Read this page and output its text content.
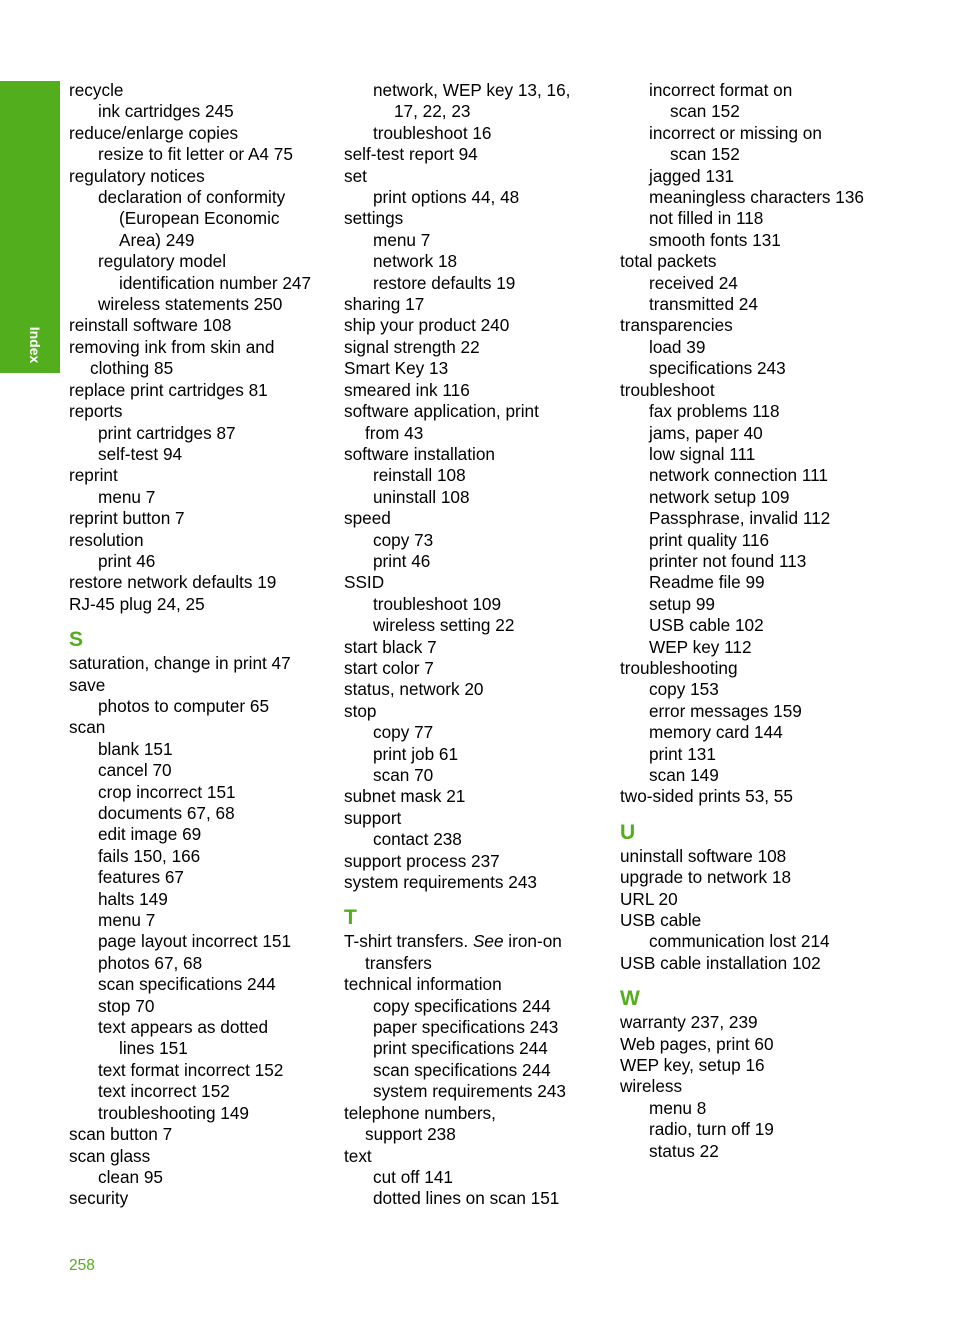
Index
recycle
ink cartridges 245
reduce/enlarge copies
resize to fit letter or A4 75
regulatory notices
declaration of conformity
(European Economic
Area) 249
regulatory model
identification number 247
wireless statements 250
reinstall software 108
removing ink from skin and
clothing 85
replace print cartridges 81
reports
print cartridges 87
self-test 94
reprint
menu 7
reprint button 7
resolution
print 46
restore network defaults 19
RJ-45 plug 24, 25
S
saturation, change in print 47
save
photos to computer 65
scan
blank 151
cancel 70
crop incorrect 151
documents 67, 68
edit image 69
fails 150, 166
features 67
halts 149
menu 7
page layout incorrect 151
photos 67, 68
scan specifications 244
stop 70
text appears as dotted
lines 151
text format incorrect 152
text incorrect 152
troubleshooting 149
scan button 7
scan glass
clean 95
security
network, WEP key 13, 16,
17, 22, 23
troubleshoot 16
self-test report 94
set
print options 44, 48
settings
menu 7
network 18
restore defaults 19
sharing 17
ship your product 240
signal strength 22
Smart Key 13
smeared ink 116
software application, print
from 43
software installation
reinstall 108
uninstall 108
speed
copy 73
print 46
SSID
troubleshoot 109
wireless setting 22
start black 7
start color 7
status, network 20
stop
copy 77
print job 61
scan 70
subnet mask 21
support
contact 238
support process 237
system requirements 243
T
T-shirt transfers. See iron-on
transfers
technical information
copy specifications 244
paper specifications 243
print specifications 244
scan specifications 244
system requirements 243
telephone numbers,
support 238
text
cut off 141
dotted lines on scan 151
incorrect format on
scan 152
incorrect or missing on
scan 152
jagged 131
meaningless characters 136
not filled in 118
smooth fonts 131
total packets
received 24
transmitted 24
transparencies
load 39
specifications 243
troubleshoot
fax problems 118
jams, paper 40
low signal 111
network connection 111
network setup 109
Passphrase, invalid 112
print quality 116
printer not found 113
Readme file 99
setup 99
USB cable 102
WEP key 112
troubleshooting
copy 153
error messages 159
memory card 144
print 131
scan 149
two-sided prints 53, 55
U
uninstall software 108
upgrade to network 18
URL 20
USB cable
communication lost 214
USB cable installation 102
W
warranty 237, 239
Web pages, print 60
WEP key, setup 16
wireless
menu 8
radio, turn off 19
status 22
258
